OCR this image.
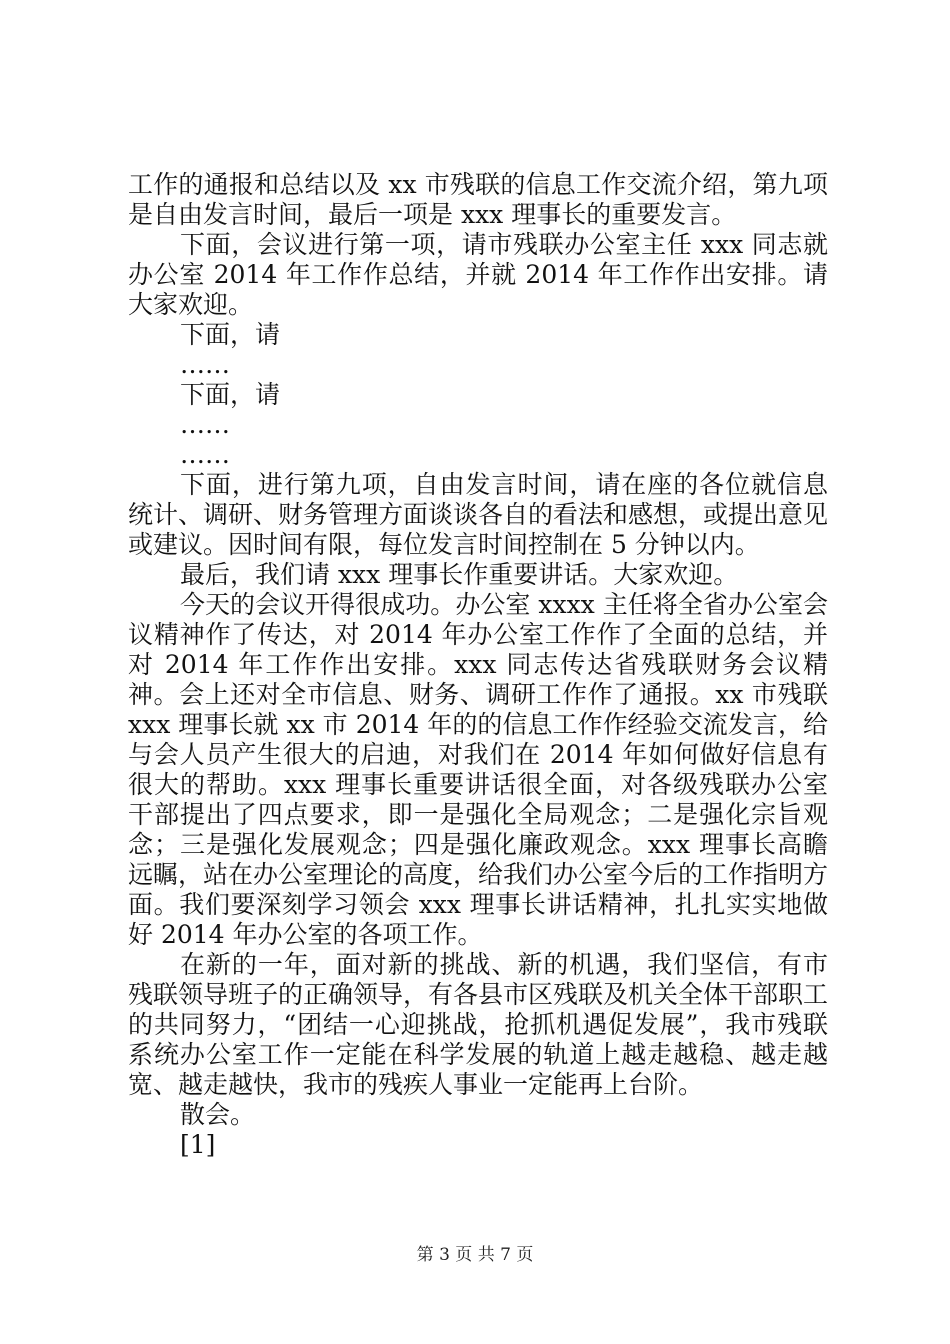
工作的通报和总结以及 xx 市残联的信息工作交流介绍，第九项是自由发言时间，最后一项是 xxx 理事长的重要发言。

下面，会议进行第一项，请市残联办公室主任 xxx 同志就办公室 2014 年工作作总结，并就 2014 年工作作出安排。请大家欢迎。

下面，请

……

下面，请

……

……

下面，进行第九项，自由发言时间，请在座的各位就信息统计、调研、财务管理方面谈谈各自的看法和感想，或提出意见或建议。因时间有限，每位发言时间控制在 5 分钟以内。

最后，我们请 xxx 理事长作重要讲话。大家欢迎。

今天的会议开得很成功。办公室 xxxx 主任将全省办公室会议精神作了传达，对 2014 年办公室工作作了全面的总结，并对 2014 年工作作出安排。xxx 同志传达省残联财务会议精神。会上还对全市信息、财务、调研工作作了通报。xx 市残联 xxx 理事长就 xx 市 2014 年的的信息工作作经验交流发言，给与会人员产生很大的启迪，对我们在 2014 年如何做好信息有很大的帮助。xxx 理事长重要讲话很全面，对各级残联办公室干部提出了四点要求，即一是强化全局观念；二是强化宗旨观念；三是强化发展观念；四是强化廉政观念。xxx 理事长高瞻远瞩，站在办公室理论的高度，给我们办公室今后的工作指明方面。我们要深刻学习领会 xxx 理事长讲话精神，扎扎实实地做好 2014 年办公室的各项工作。

在新的一年，面对新的挑战、新的机遇，我们坚信，有市残联领导班子的正确领导，有各县市区残联及机关全体干部职工的共同努力，“团结一心迎挑战，抢抓机遇促发展”，我市残联系统办公室工作一定能在科学发展的轨道上越走越稳、越走越宽、越走越快，我市的残疾人事业一定能再上台阶。

散会。

[1]

第 3 页 共 7 页
